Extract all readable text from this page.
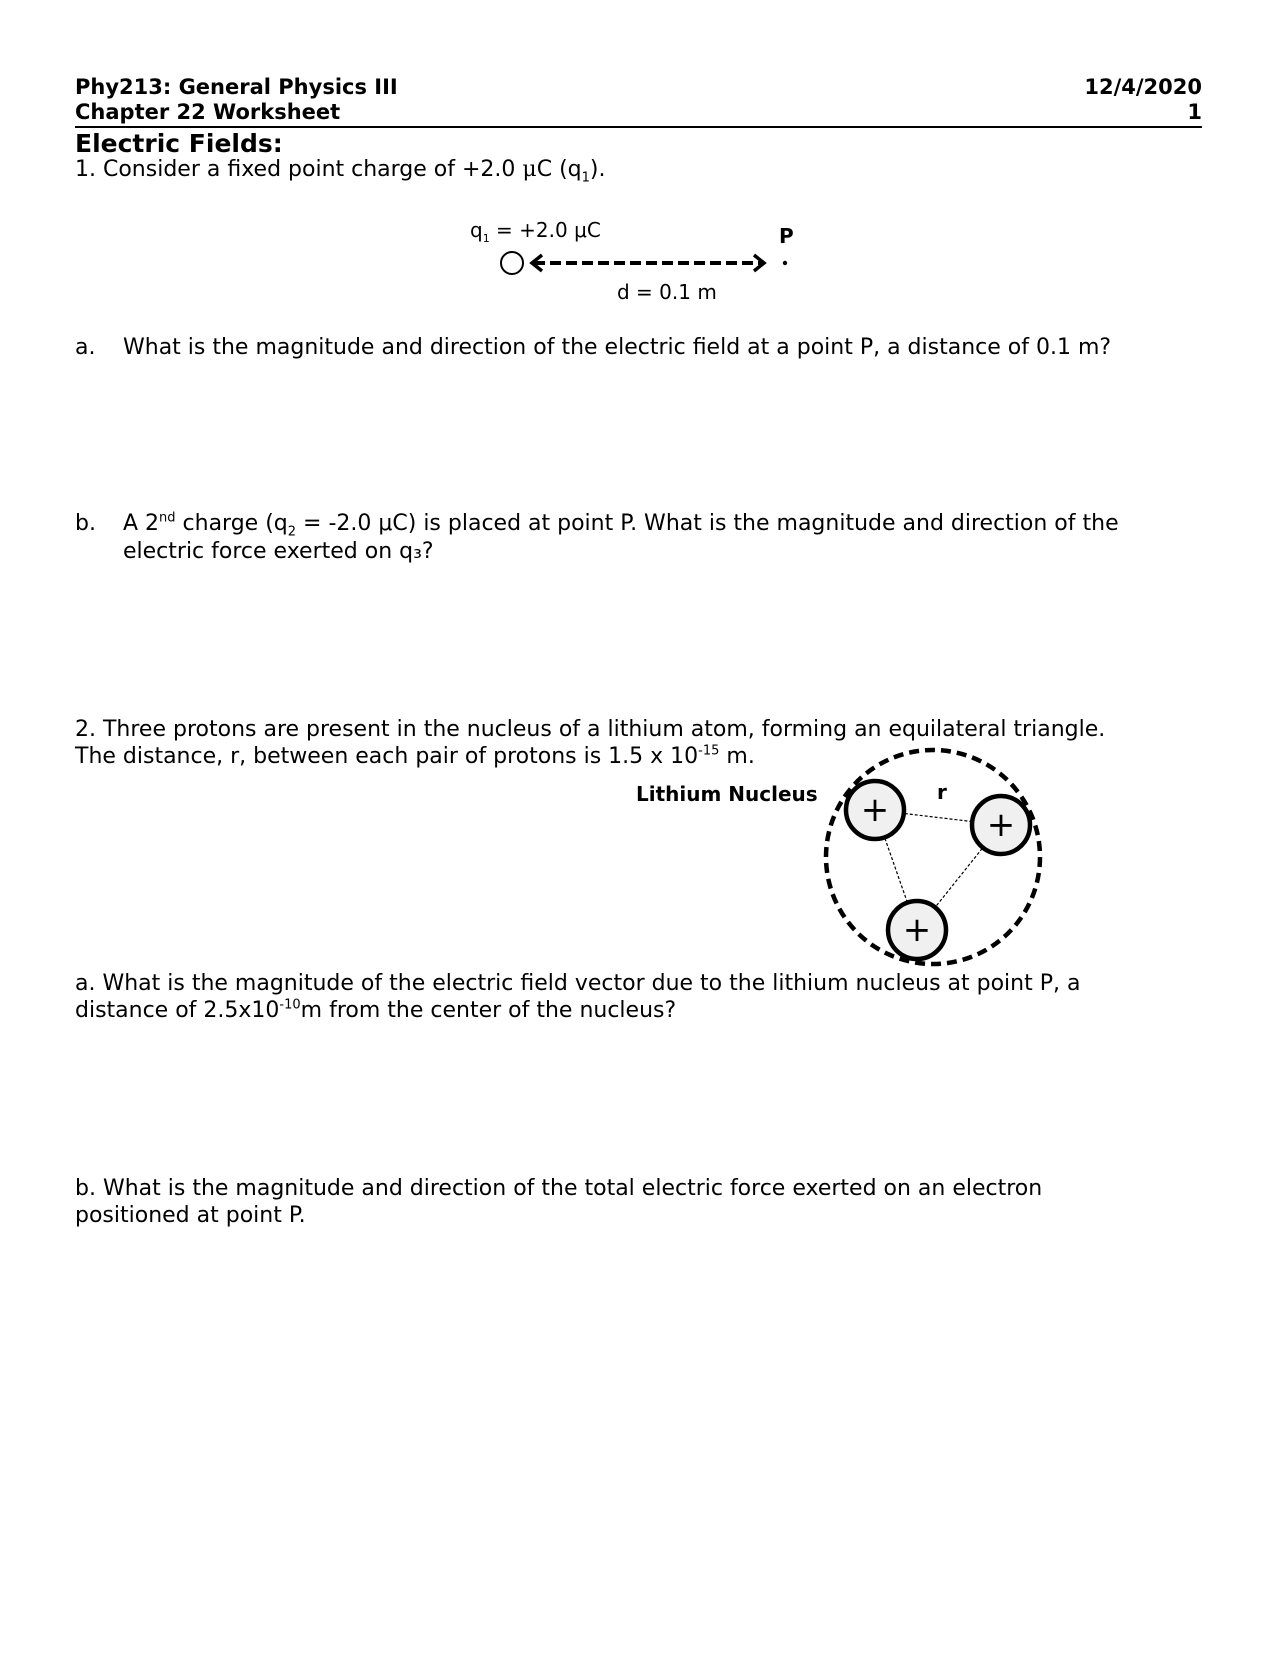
Phy213: General Physics III
Chapter 22 Worksheet
12/4/2020
1
Electric Fields:
1. Consider a fixed point charge of +2.0 μC $(q_1)$.
$q_1 = +2.0$ μC	P
d = 0.1 m
a. What is the magnitude and direction of the electric field at a point P, a distance of 0.1 m?
b. A 2nd charge ($q_2 = -2.0$ μC) is placed at point P. What is the magnitude and direction of the
electric force exerted on q₃?
2. Three protons are present in the nucleus of a lithium atom, forming an equilateral triangle.
The distance, r, between each pair of protons is 1.5 x $10^{-15}$ m.
Lithium Nucleus	r
+	+
+
a. What is the magnitude of the electric field vector due to the lithium nucleus at point P, a
distance of $2.5x10^{-10}m$ from the center of the nucleus?
b. What is the magnitude and direction of the total electric force exerted on an electron
positioned at point P.
